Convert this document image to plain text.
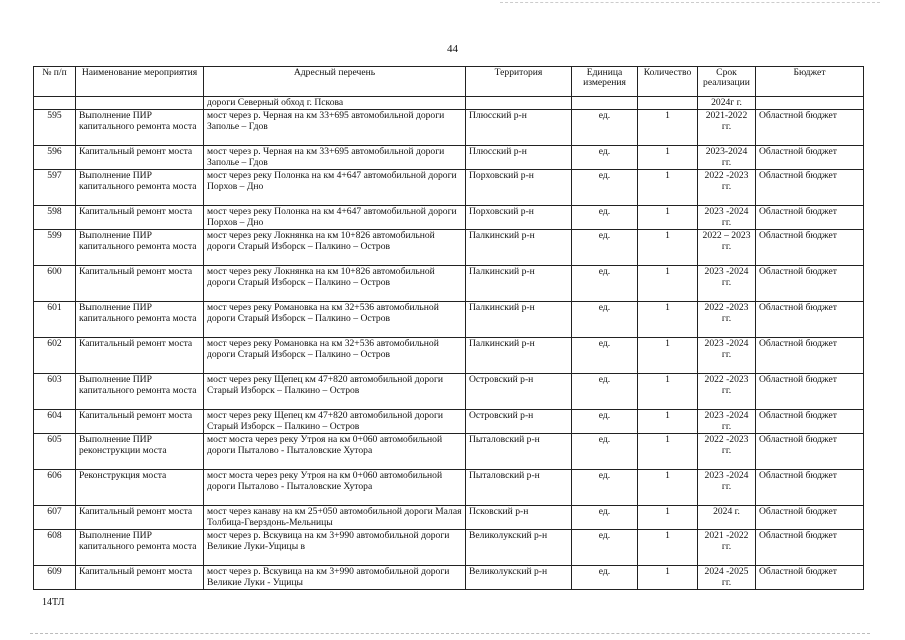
44
№ п/п	Наименование мероприятия	Адресный перечень	Территория	Единица измерения	Количество	Срок реализации	Бюджет
		дороги Северный обход г. Пскова				2024г г.	
595	Выполнение ПИР капитального ремонта моста	мост через р. Черная на км 33+695 автомобильной дороги Заполье – Гдов	Плюсский р-н	ед.	1	2021-2022 гг.	Областной бюджет
596	Капитальный ремонт моста	мост через р. Черная на км 33+695 автомобильной дороги Заполье – Гдов	Плюсский р-н	ед.	1	2023-2024 гг.	Областной бюджет
597	Выполнение ПИР капитального ремонта моста	мост через реку Полонка на км 4+647 автомобильной дороги Порхов – Дно	Порховский р-н	ед.	1	2022 -2023 гг.	Областной бюджет
598	Капитальный ремонт моста	мост через реку Полонка на км 4+647 автомобильной дороги Порхов – Дно	Порховский р-н	ед.	1	2023 -2024 гг.	Областной бюджет
599	Выполнение ПИР капитального ремонта моста	мост через реку Локнянка на км 10+826 автомобильной дороги Старый Изборск – Палкино – Остров	Палкинский р-н	ед.	1	2022 – 2023 гг.	Областной бюджет
600	Капитальный ремонт моста	мост через реку Локнянка на км 10+826 автомобильной дороги Старый Изборск – Палкино – Остров	Палкинский р-н	ед.	1	2023 -2024 гг.	Областной бюджет
601	Выполнение ПИР капитального ремонта моста	мост через реку Романовка на км 32+536 автомобильной дороги Старый Изборск – Палкино – Остров	Палкинский р-н	ед.	1	2022 -2023 гг.	Областной бюджет
602	Капитальный ремонт моста	мост через реку Романовка на км 32+536 автомобильной дороги Старый Изборск – Палкино – Остров	Палкинский р-н	ед.	1	2023 -2024 гг.	Областной бюджет
603	Выполнение ПИР капитального ремонта моста	мост через реку Щепец км 47+820 автомобильной дороги Старый Изборск – Палкино – Остров	Островский р-н	ед.	1	2022 -2023 гг.	Областной бюджет
604	Капитальный ремонт моста	мост через реку Щепец км 47+820 автомобильной дороги Старый Изборск – Палкино – Остров	Островский р-н	ед.	1	2023 -2024 гг.	Областной бюджет
605	Выполнение ПИР реконструкции моста	мост моста через реку Утроя на км 0+060 автомобильной дороги Пыталово - Пыталовские Хутора	Пыталовский р-н	ед.	1	2022 -2023 гг.	Областной бюджет
606	Реконструкция моста	мост моста через реку Утроя на км 0+060 автомобильной дороги Пыталово - Пыталовские Хутора	Пыталовский р-н	ед.	1	2023 -2024 гг.	Областной бюджет
607	Капитальный ремонт моста	мост через канаву на км 25+050 автомобильной дороги Малая Толбица-Гверздонь-Мельницы	Псковский р-н	ед.	1	2024 г.	Областной бюджет
608	Выполнение ПИР капитального ремонта моста	мост через р. Вскувица на км 3+990 автомобильной дороги Великие Луки-Ущицы в	Великолукский р-н	ед.	1	2021 -2022 гг.	Областной бюджет
609	Капитальный ремонт моста	мост через р. Вскувица на км 3+990 автомобильной дороги Великие Луки - Ущицы	Великолукский р-н	ед.	1	2024 -2025 гг.	Областной бюджет
14ТЛ
